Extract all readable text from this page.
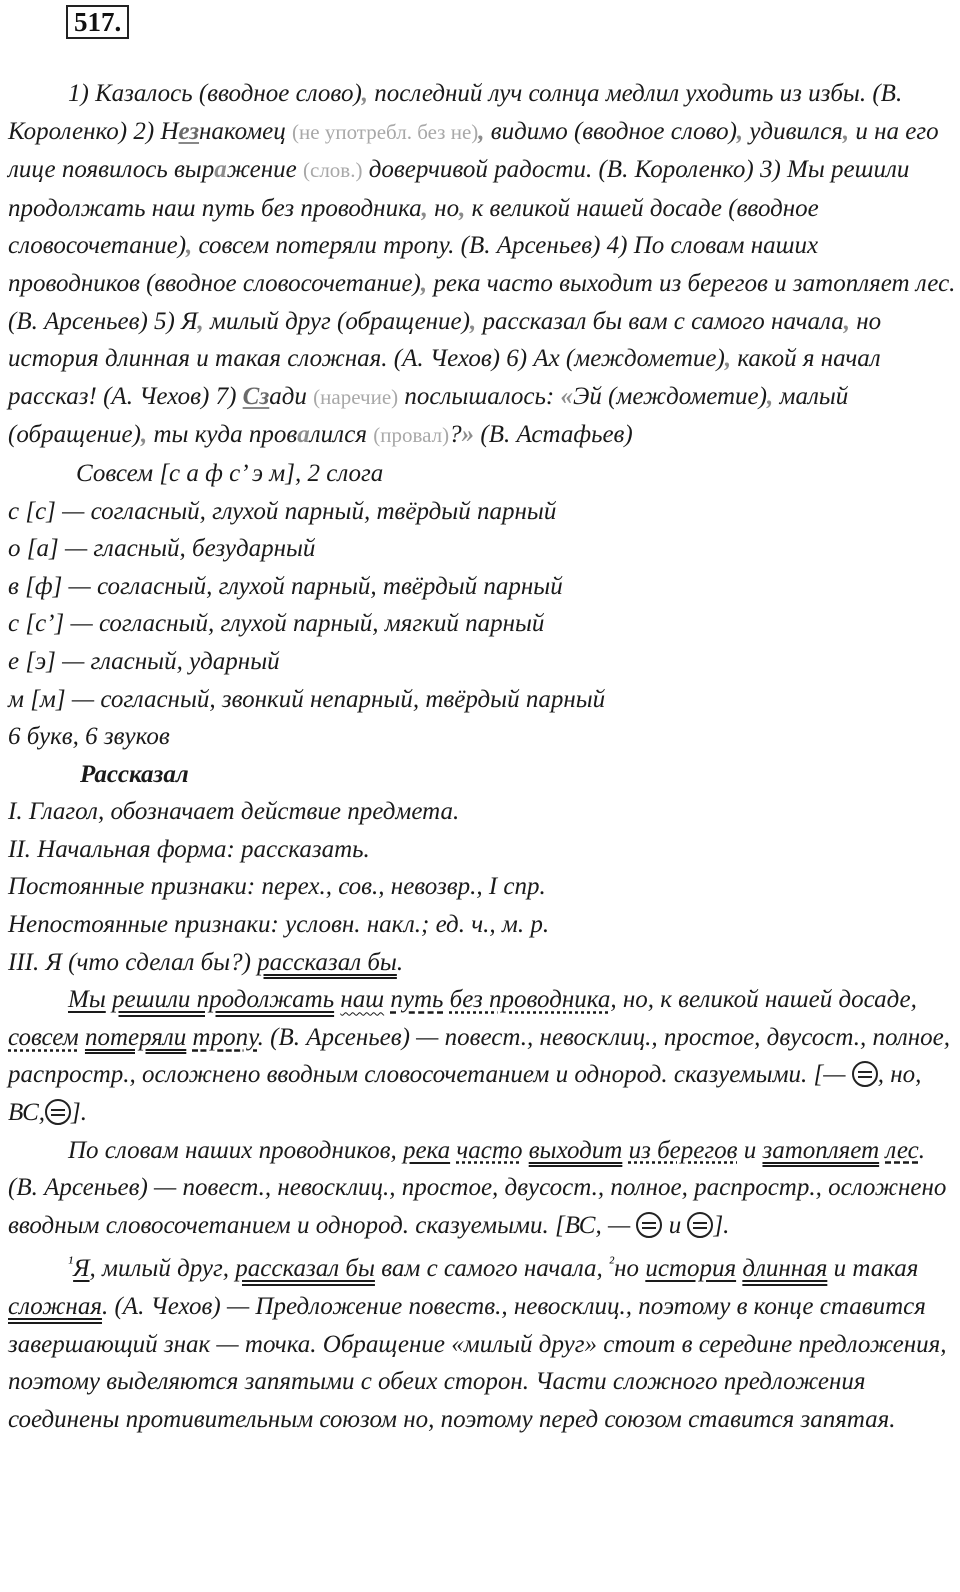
517.

1) Казалось (вводное слово), последний луч солнца медлил уходить из избы. (В. Короленко) 2) Незнакомец (не употребл. без не), видимо (вводное слово), удивился, и на его лице появилось выражение (слов.) доверчивой радости. (В. Короленко) 3) Мы решили продолжать наш путь без проводника, но, к великой нашей досаде (вводное словосочетание), совсем потеряли тропу. (В. Арсеньев) 4) По словам наших проводников (вводное словосочетание), река часто выходит из берегов и затопляет лес. (В. Арсеньев) 5) Я, милый друг (обращение), рассказал бы вам с самого начала, но история длинная и такая сложная. (А. Чехов) 6) Ах (междометие), какой я начал рассказ! (А. Чехов) 7) Сзади (наречие) послышалось: «Эй (междометие), малый (обращение), ты куда провалился (провал)?» (В. Астафьев)

Совсем [с а ф с’ э м], 2 слога

с [с] — согласный, глухой парный, твёрдый парный

о [а] — гласный, безударный

в [ф] — согласный, глухой парный, твёрдый парный

с [с’] — согласный, глухой парный, мягкий парный

е [э] — гласный, ударный

м [м] — согласный, звонкий непарный, твёрдый парный

6 букв, 6 звуков

Рассказал

I. Глагол, обозначает действие предмета.

II. Начальная форма: рассказать.

Постоянные признаки: перех., сов., невозвр., I спр.

Непостоянные признаки: условн. накл.; ед. ч., м. р.

III. Я (что сделал бы?) рассказал бы.

Мы решили продолжать наш путь без проводника, но, к великой нашей досаде, совсем потеряли тропу. (В. Арсеньев) — повест., невосклиц., простое, двусост., полное, распростр., осложнено вводным словосочетанием и однород. сказуемыми. [— , но, ВС, ].

По словам наших проводников, река часто выходит из берегов и затопляет лес. (В. Арсеньев) — повест., невосклиц., простое, двусост., полное, распростр., осложнено вводным словосочетанием и однород. сказуемыми. [ВС, —  и ].

$^{^1}$Я, милый друг, рассказал бы вам с самого начала, $^{^2}$но история длинная и такая сложная. (А. Чехов) — Предложение повеств., невосклиц., поэтому в конце ставится завершающий знак — точка. Обращение «милый друг» стоит в середине предложения, поэтому выделяются запятыми с обеих сторон. Части сложного предложения соединены противительным союзом но, поэтому перед союзом ставится запятая.
